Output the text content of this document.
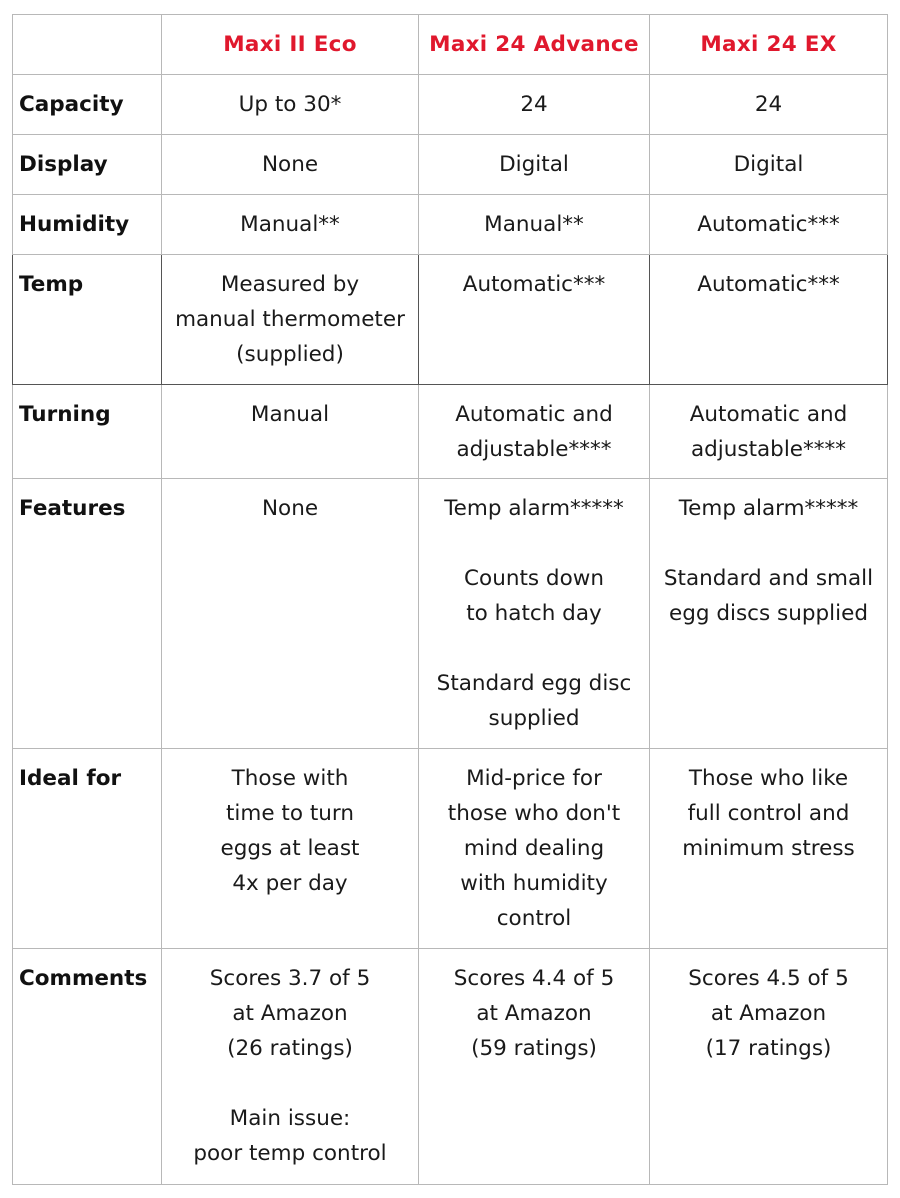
	Maxi II Eco	Maxi 24 Advance	Maxi 24 EX
Capacity	Up to 30*	24	24

Display	None	Digital	Digital

Humidity	Manual**	Manual**	Automatic***

Temp	Measured by
manual thermometer
(supplied)	Automatic***	Automatic***

Turning	Manual	Automatic and
adjustable****	Automatic and
adjustable****

Features	None	Temp alarm*****
Counts down
to hatch day
Standard egg disc
supplied	Temp alarm*****
Standard and small
egg discs supplied

Ideal for	Those with
time to turn
eggs at least
4x per day	Mid-price for
those who don't
mind dealing
with humidity
control	Those who like
full control and
minimum stress

Comments	Scores 3.7 of 5
at Amazon
(26 ratings)
Main issue:
poor temp control	Scores 4.4 of 5
at Amazon
(59 ratings)	Scores 4.5 of 5
at Amazon
(17 ratings)
